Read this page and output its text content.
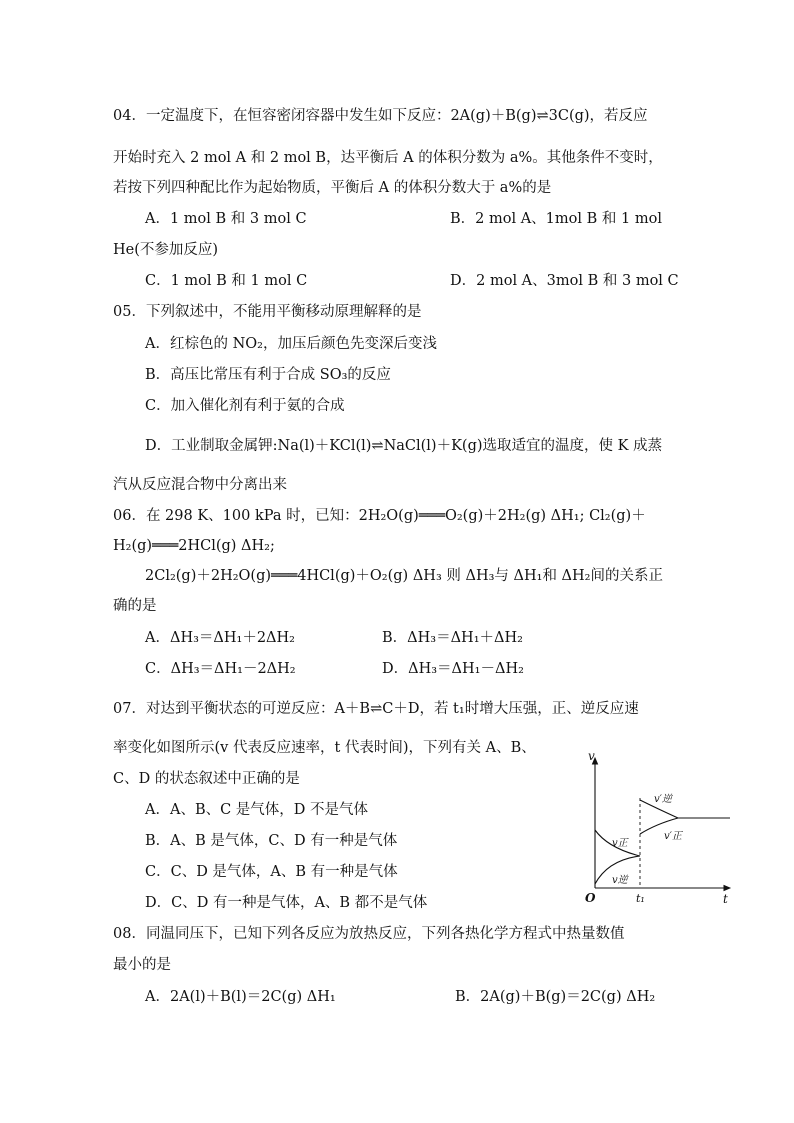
04．一定温度下，在恒容密闭容器中发生如下反应：2A(g)＋B(g)⇌3C(g)，若反应
开始时充入 2 mol A 和 2 mol B，达平衡后 A 的体积分数为 a%。其他条件不变时，
若按下列四种配比作为起始物质，平衡后 A 的体积分数大于 a%的是
A．1 mol B 和 3 mol C	B．2 mol A、1mol B 和 1 mol
He(不参加反应)
C．1 mol B 和 1 mol C	D．2 mol A、3mol B 和 3 mol C
05．下列叙述中，不能用平衡移动原理解释的是
A．红棕色的 NO₂，加压后颜色先变深后变浅
B．高压比常压有利于合成 SO₃的反应
C．加入催化剂有利于氨的合成
D．工业制取金属钾:Na(l)＋KCl(l)⇌NaCl(l)＋K(g)选取适宜的温度，使 K 成蒸
汽从反应混合物中分离出来
06．在 298 K、100 kPa 时，已知：2H₂O(g)═══O₂(g)＋2H₂(g) ΔH₁; Cl₂(g)＋
H₂(g)═══2HCl(g) ΔH₂;
2Cl₂(g)＋2H₂O(g)═══4HCl(g)＋O₂(g) ΔH₃ 则 ΔH₃与 ΔH₁和 ΔH₂间的关系正
确的是
A．ΔH₃＝ΔH₁＋2ΔH₂	B．ΔH₃＝ΔH₁＋ΔH₂
C．ΔH₃＝ΔH₁－2ΔH₂	D．ΔH₃＝ΔH₁－ΔH₂
07．对达到平衡状态的可逆反应：A＋B⇌C＋D，若 t₁时增大压强，正、逆反应速
率变化如图所示(v 代表反应速率，t 代表时间)，下列有关 A、B、
C、D 的状态叙述中正确的是
A．A、B、C 是气体，D 不是气体
B．A、B 是气体，C、D 有一种是气体
C．C、D 是气体，A、B 有一种是气体
D．C、D 有一种是气体，A、B 都不是气体
v
t
O	t₁
v正
v逆
v′逆
v′正
08．同温同压下，已知下列各反应为放热反应，下列各热化学方程式中热量数值
最小的是
A．2A(l)＋B(l)＝2C(g) ΔH₁	B．2A(g)＋B(g)＝2C(g) ΔH₂
